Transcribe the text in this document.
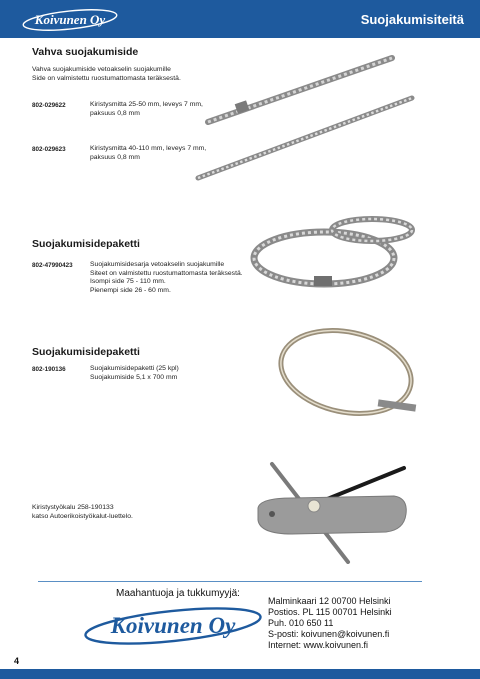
Koivunen Oy	Suojakumisiteitä
Vahva suojakumiside
Vahva suojakumiside vetoakselin suojakumille
Side on valmistettu ruostumattomasta teräksestä.
802-029622	Kiristysmitta 25-50 mm, leveys 7 mm,
paksuus 0,8 mm
802-029623	Kiristysmitta 40-110 mm, leveys 7 mm,
paksuus 0,8 mm
Suojakumisidepaketti
802-47990423	Suojakumisidesarja vetoakselin suojakumille
Siteet on valmistettu ruostumattomasta teräksestä.
Isompi side 75 - 110 mm.
Pienempi side 26 - 60 mm.
Suojakumisidepaketti
802-190136	Suojakumisidepaketti (25 kpl)
Suojakumiside 5,1 x 700 mm
Kiristystyökalu 258-190133
katso Autoerikoistyökalut-luettelo.
Maahantuoja ja tukkumyyjä:
Koivunen Oy
Malminkaari 12 00700 Helsinki
Postios. PL 115 00701 Helsinki
Puh. 010 650 11
S-posti: koivunen@koivunen.fi
Internet: www.koivunen.fi
4
